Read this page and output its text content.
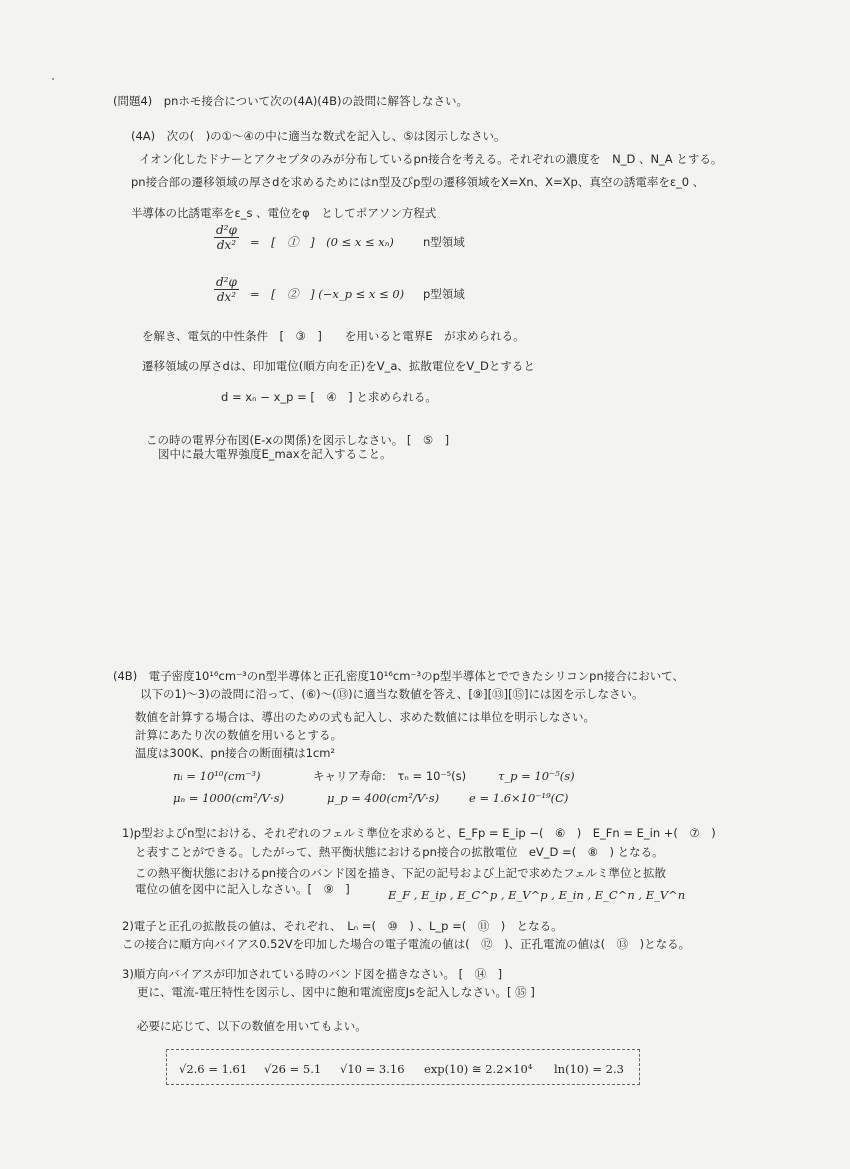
(問題4)　pnホモ接合について次の(4A)(4B)の設問に解答しなさい。
(4A)　次の(　)の①～④の中に適当な数式を記入し、⑤は図示しなさい。
イオン化したドナーとアクセプタのみが分布しているpn接合を考える。それぞれの濃度を　N_D 、N_A とする。
pn接合部の遷移領域の厚さdを求めるためにはn型及びp型の遷移領域をX=Xn、X=Xp、真空の誘電率をε_0 、
半導体の比誘電率をε_s 、電位をφ　としてポアソン方程式
$\frac{\text{d²φ}}{\text{dx²}}$ =　[　①　]　(0 ≤ x ≤ xₙ)	n型領域
$\frac{\text{d²φ}}{\text{dx²}}$ =　[　②　] (−x_p ≤ x ≤ 0) p型領域
を解き、電気的中性条件　[　③　]　　を用いると電界E　が求められる。
遷移領域の厚さdは、印加電位(順方向を正)をV_a、拡散電位をV_Dとすると
d = xₙ − x_p = [　④　] と求められる。
この時の電界分布図(E-xの関係)を図示しなさい。 [　⑤　]
図中に最大電界強度E_maxを記入すること。
(4B)　電子密度10¹⁶cm⁻³のn型半導体と正孔密度10¹⁶cm⁻³のp型半導体とでできたシリコンpn接合において、
以下の1)～3)の設問に沿って、(⑥)～(⑬)に適当な数値を答え、[⑨][⑬][⑮]には図を示しなさい。
数値を計算する場合は、導出のための式も記入し、求めた数値には単位を明示しなさい。
計算にあたり次の数値を用いるとする。
温度は300K、pn接合の断面積は1cm²
nᵢ = 10¹⁰(cm⁻³)	キャリア寿命:　τₙ = 10⁻⁵(s)	τ_p = 10⁻⁵(s)
μₙ = 1000(cm²/V·s)	μ_p = 400(cm²/V·s)	e = 1.6×10⁻¹⁹(C)
1)p型およびn型における、それぞれのフェルミ準位を求めると、E_Fp = E_ip −(　⑥　)　E_Fn = E_in +(　⑦　)
と表すことができる。したがって、熱平衡状態におけるpn接合の拡散電位　eV_D =(　⑧　) となる。
この熱平衡状態におけるpn接合のバンド図を描き、下記の記号および上記で求めたフェルミ準位と拡散
電位の値を図中に記入しなさい。[　⑨　]	E_F , E_ip , E_C^p , E_V^p , E_in , E_C^n , E_V^n
2)電子と正孔の拡散長の値は、それぞれ、　Lₙ =(　⑩　) 、L_p =(　⑪　)　となる。
この接合に順方向バイアス0.52Vを印加した場合の電子電流の値は(　⑫　)、正孔電流の値は(　⑬　)となる。
3)順方向バイアスが印加されている時のバンド図を描きなさい。 [　⑭　]
更に、電流-電圧特性を図示し、図中に飽和電流密度Jsを記入しなさい。[ ⑮ ]
必要に応じて、以下の数値を用いてもよい。
√2.6 = 1.61 √26 = 5.1 √10 = 3.16 exp(10) ≅ 2.2×10⁴ ln(10) = 2.3
